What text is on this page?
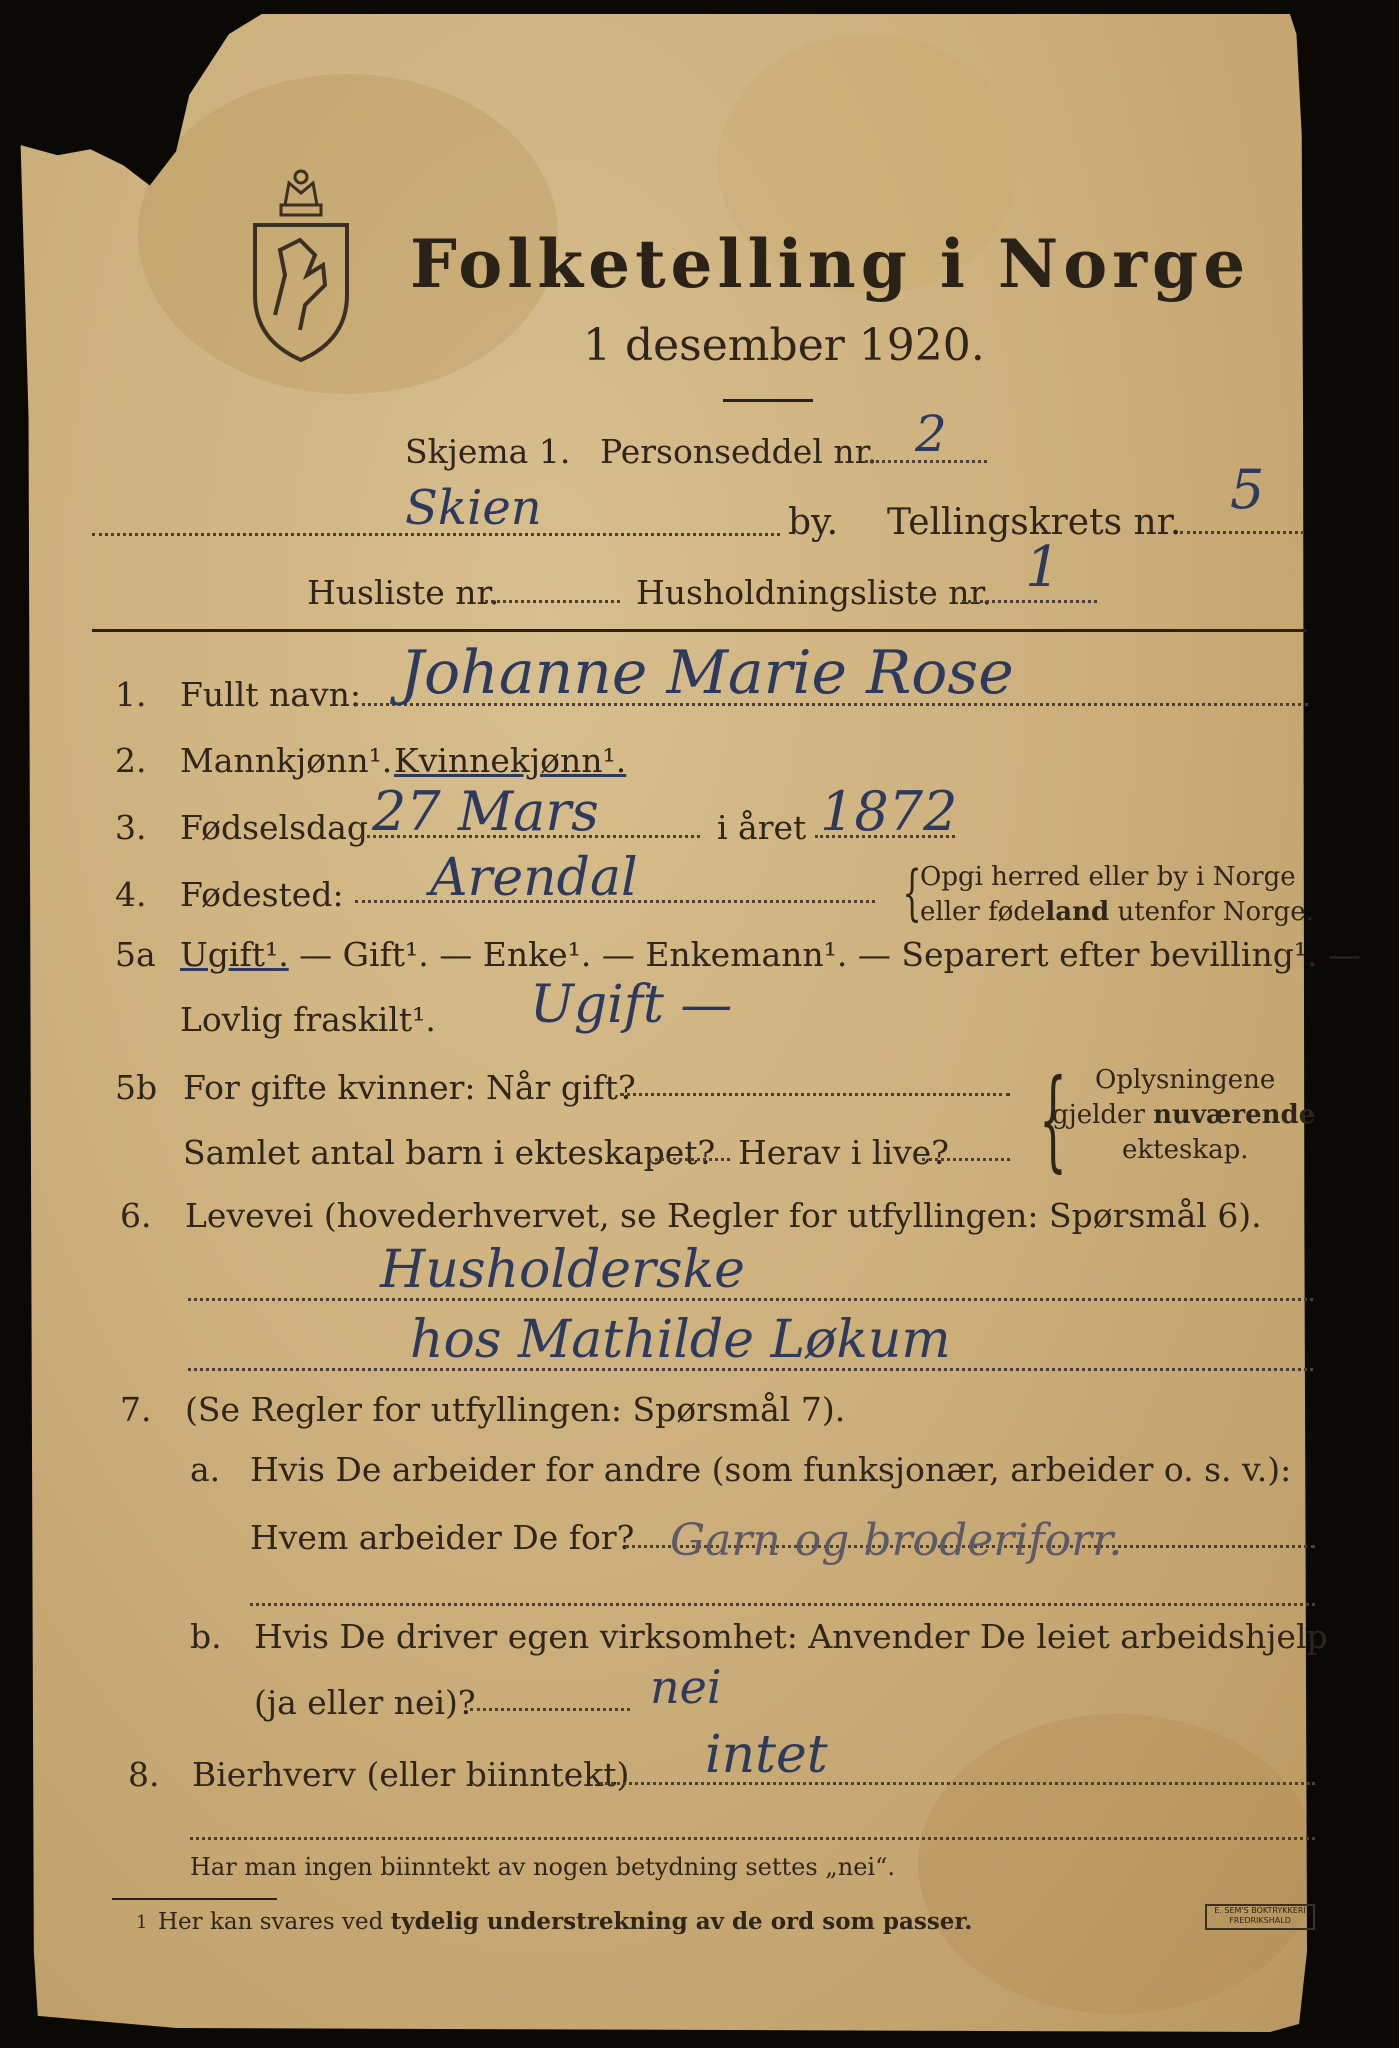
Folketelling i Norge
1 desember 1920.
Skjema 1. Personseddel nr. 2
Skien	by. Tellingskrets nr.
5
Husliste nr.	Husholdningsliste nr. 1
1. Fullt navn: Johanne Marie Rose
2. Mannkjønn¹. Kvinnekjønn¹.
3. Fødselsdag 27 Mars	i året 1872
4. Fødested: Arendal	{
Opgi herred eller by i Norge
eller fødeland utenfor Norge.
5a Ugift¹. — Gift¹. — Enke¹. — Enkemann¹. — Separert efter bevilling¹. —
Lovlig fraskilt¹. Ugift —
5b For gifte kvinner: Når gift?
Samlet antal barn i ekteskapet? Herav i live? { Oplysningene
gjelder nuværende
ekteskap.
6. Levevei (hovederhvervet, se Regler for utfyllingen: Spørsmål 6).
Husholderske
hos Mathilde Løkum
7. (Se Regler for utfyllingen: Spørsmål 7).
a. Hvis De arbeider for andre (som funksjonær, arbeider o. s. v.):
Hvem arbeider De for? Garn og broderiforr.
b. Hvis De driver egen virksomhet: Anvender De leiet arbeidshjelp
(ja eller nei)?	nei
8. Bierhverv (eller biinntekt) intet
Har man ingen biinntekt av nogen betydning settes „nei“.
1 Her kan svares ved tydelig understrekning av de ord som passer.	E. SEM'S BOKTRYKKERI
FREDRIKSHALD
